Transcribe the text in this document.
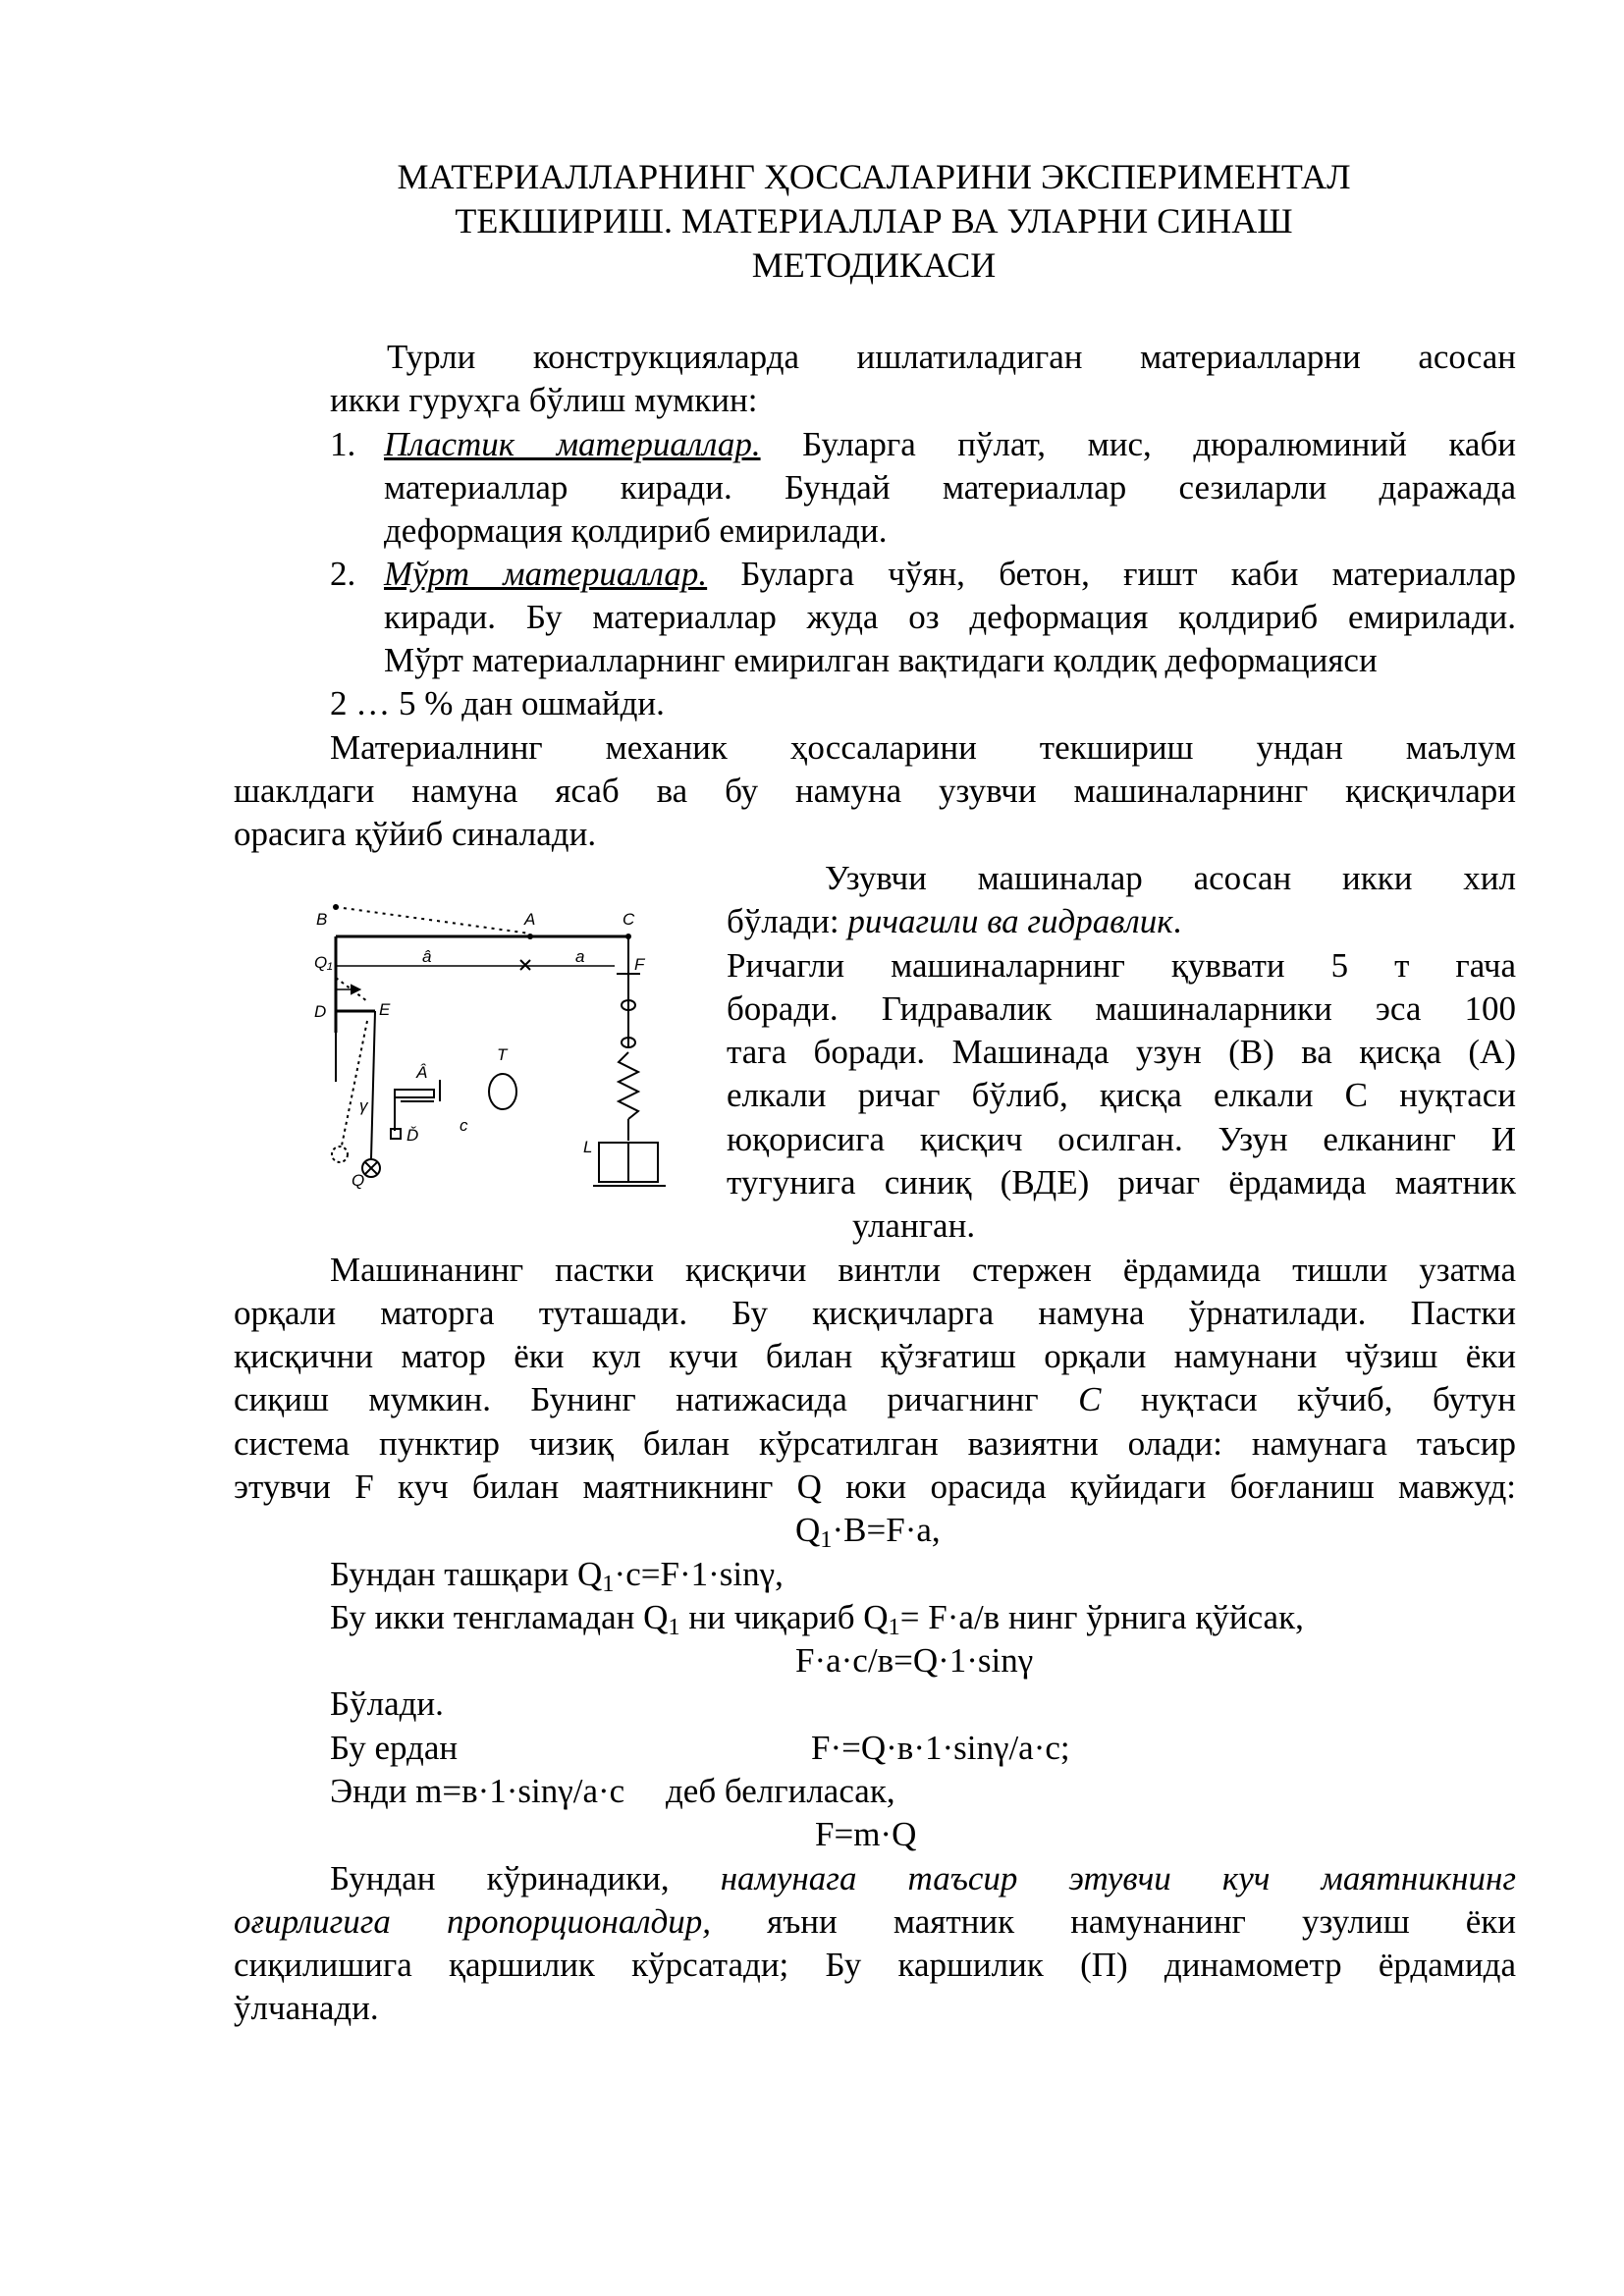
МАТЕРИАЛЛАРНИНГ ҲОССАЛАРИНИ ЭКСПЕРИМЕНТАЛ
ТЕКШИРИШ. МАТЕРИАЛЛАР ВА УЛАРНИ СИНАШ
МЕТОДИКАСИ
Турли конструкцияларда ишлатиладиган материалларни асосан
икки гуруҳга бўлиш мумкин:
1. Пластик материаллар. Буларга пўлат, мис, дюралюминий каби
материаллар киради. Бундай материаллар сезиларли даражада
деформация қолдириб емирилади.
2. Мўрт материаллар. Буларга чўян, бетон, ғишт каби материаллар
киради. Бу материаллар жуда оз деформация қолдириб емирилади.
Мўрт материалларнинг емирилган вақтидаги қолдиқ деформацияси
2 … 5 % дан ошмайди.
Материалнинг механик ҳоссаларини текшириш ундан маълум
шаклдаги намуна ясаб ва бу намуна узувчи машиналарнинг қисқичлари
орасига қўйиб синалади.
Узувчи машиналар асосан икки хил
бўлади: ричагили ва гидравлик.
Ричагли машиналарнинг қуввати 5 т гача
боради. Гидравалик машиналарники эса 100
тага боради. Машинада узун (В) ва қисқа (А)
елкали ричаг бўлиб, қисқа елкали С нуқтаси
юқорисига қисқич осилган. Узун елканинг И
тугунига синиқ (ВДЕ) ричаг ёрдамида маятник
уланган.
B	A	C
Q₁	â	a	F
D	E
γ
Â
T
Ď
Q
L
c
Машинанинг пастки қисқичи винтли стержен ёрдамида тишли узатма
орқали маторга туташади. Бу қисқичларга намуна ўрнатилади. Пастки
қисқични матор ёки кул кучи билан қўзғатиш орқали намунани чўзиш ёки
сиқиш мумкин. Бунинг натижасида ричагнинг C нуқтаси кўчиб, бутун
система пунктир чизиқ билан кўрсатилган вазиятни олади: намунага таъсир
этувчи F куч билан маятникнинг Q юки орасида қуйидаги боғланиш мавжуд:
$Q_1\cdot B=F\cdot a$,
Бундан ташқари $Q_1\cdot c=F\cdot 1\cdot\sin\gamma$,
Бу икки тенгламадан $Q_1$ ни чиқариб $Q_1= F\cdot a/в$ нинг ўрнига қўйсак,
F·a·c/в=Q·1·sinγ
Бўлади.
Бу ердан	F·=Q·в·1·sinγ/a·c;
Энди m=в·1·sinγ/a·c деб белгиласак,
F=m·Q
Бундан кўринадики, намунага таъсир этувчи куч маятникнинг
оғирлигига пропорционалдир, яъни маятник намунанинг узулиш ёки
сиқилишига қаршилик кўрсатади; Бу каршилик (П) динамометр ёрдамида
ўлчанади.
